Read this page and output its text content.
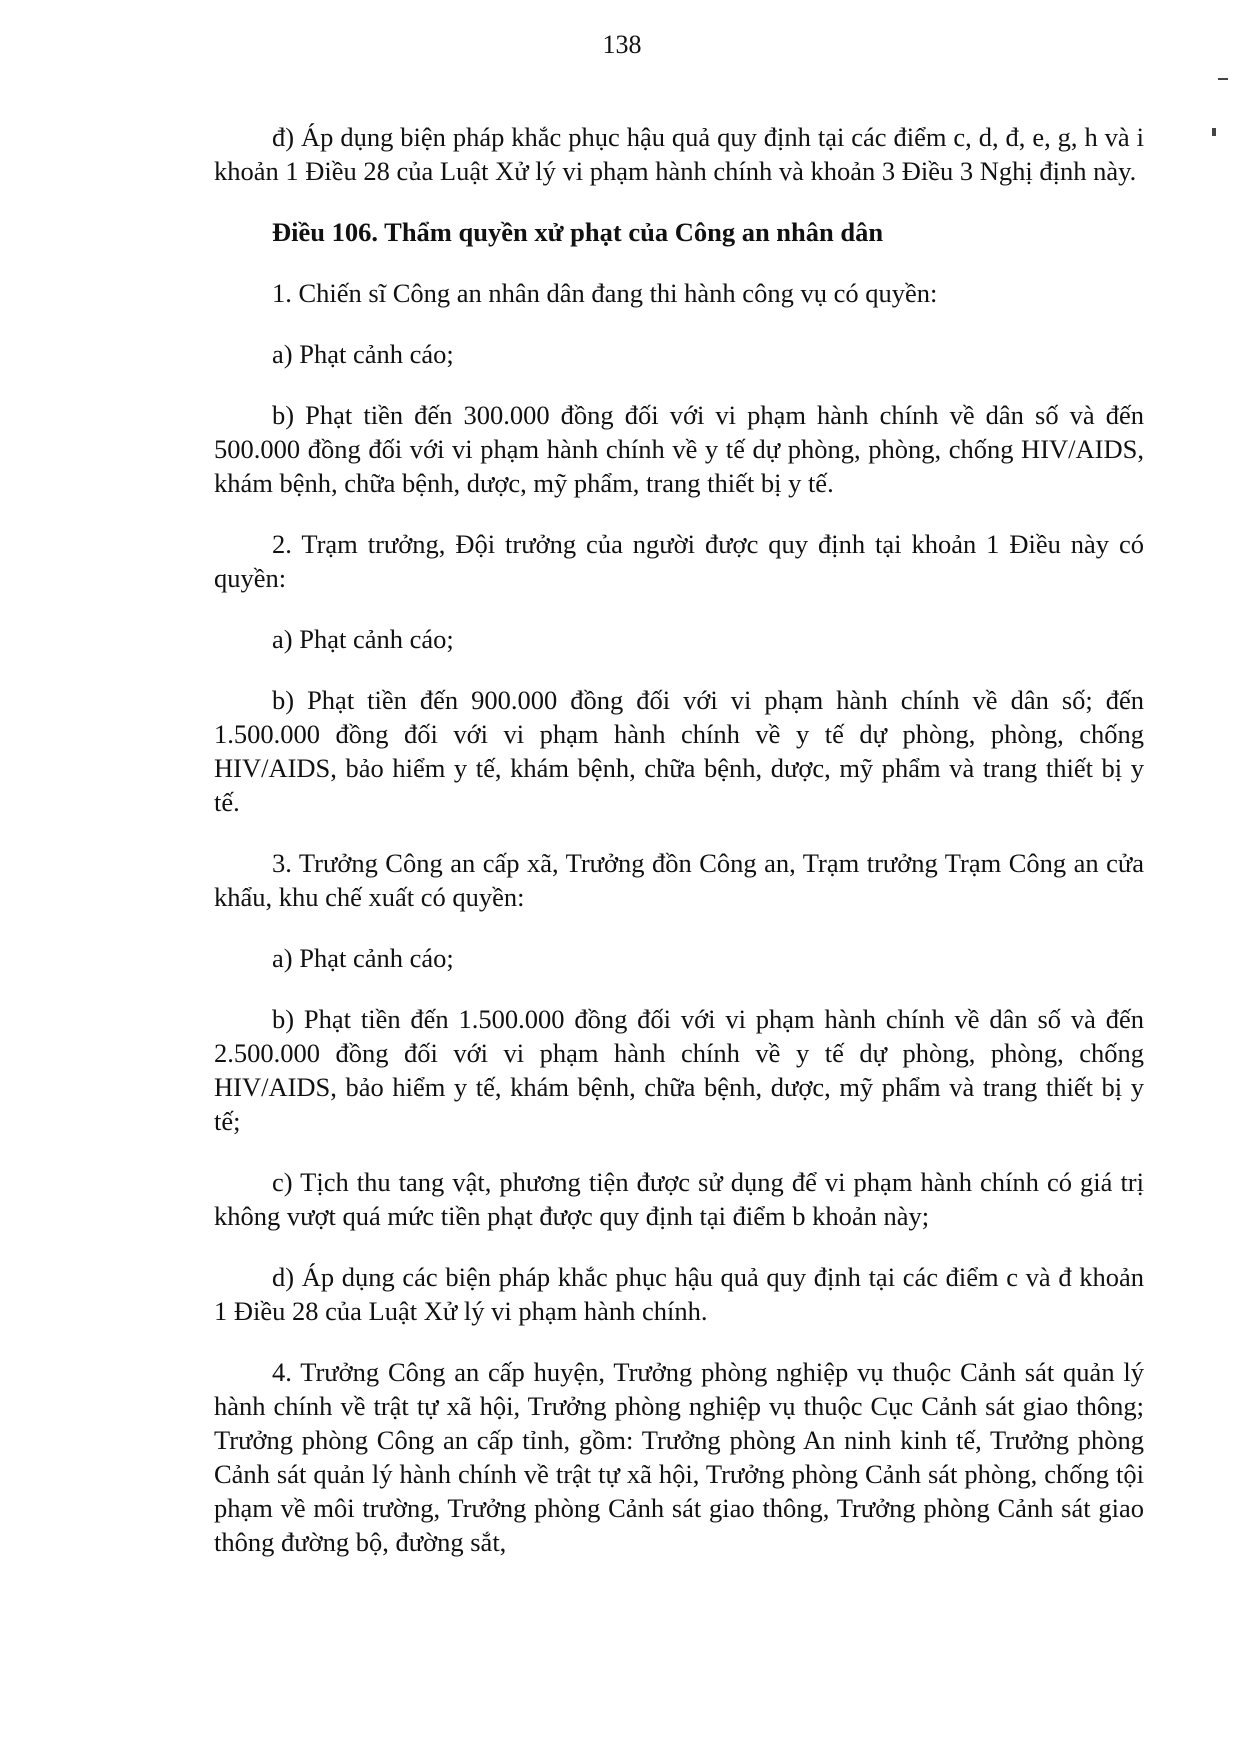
138

đ) Áp dụng biện pháp khắc phục hậu quả quy định tại các điểm c, d, đ, e, g, h và i khoản 1 Điều 28 của Luật Xử lý vi phạm hành chính và khoản 3 Điều 3 Nghị định này.

Điều 106. Thẩm quyền xử phạt của Công an nhân dân

1. Chiến sĩ Công an nhân dân đang thi hành công vụ có quyền:

a) Phạt cảnh cáo;

b) Phạt tiền đến 300.000 đồng đối với vi phạm hành chính về dân số và đến 500.000 đồng đối với vi phạm hành chính về y tế dự phòng, phòng, chống HIV/AIDS, khám bệnh, chữa bệnh, dược, mỹ phẩm, trang thiết bị y tế.

2. Trạm trưởng, Đội trưởng của người được quy định tại khoản 1 Điều này có quyền:

a) Phạt cảnh cáo;

b) Phạt tiền đến 900.000 đồng đối với vi phạm hành chính về dân số; đến 1.500.000 đồng đối với vi phạm hành chính về y tế dự phòng, phòng, chống HIV/AIDS, bảo hiểm y tế, khám bệnh, chữa bệnh, dược, mỹ phẩm và trang thiết bị y tế.

3. Trưởng Công an cấp xã, Trưởng đồn Công an, Trạm trưởng Trạm Công an cửa khẩu, khu chế xuất có quyền:

a) Phạt cảnh cáo;

b) Phạt tiền đến 1.500.000 đồng đối với vi phạm hành chính về dân số và đến 2.500.000 đồng đối với vi phạm hành chính về y tế dự phòng, phòng, chống HIV/AIDS, bảo hiểm y tế, khám bệnh, chữa bệnh, dược, mỹ phẩm và trang thiết bị y tế;

c) Tịch thu tang vật, phương tiện được sử dụng để vi phạm hành chính có giá trị không vượt quá mức tiền phạt được quy định tại điểm b khoản này;

d) Áp dụng các biện pháp khắc phục hậu quả quy định tại các điểm c và đ khoản 1 Điều 28 của Luật Xử lý vi phạm hành chính.

4. Trưởng Công an cấp huyện, Trưởng phòng nghiệp vụ thuộc Cảnh sát quản lý hành chính về trật tự xã hội, Trưởng phòng nghiệp vụ thuộc Cục Cảnh sát giao thông; Trưởng phòng Công an cấp tỉnh, gồm: Trưởng phòng An ninh kinh tế, Trưởng phòng Cảnh sát quản lý hành chính về trật tự xã hội, Trưởng phòng Cảnh sát phòng, chống tội phạm về môi trường, Trưởng phòng Cảnh sát giao thông, Trưởng phòng Cảnh sát giao thông đường bộ, đường sắt,
